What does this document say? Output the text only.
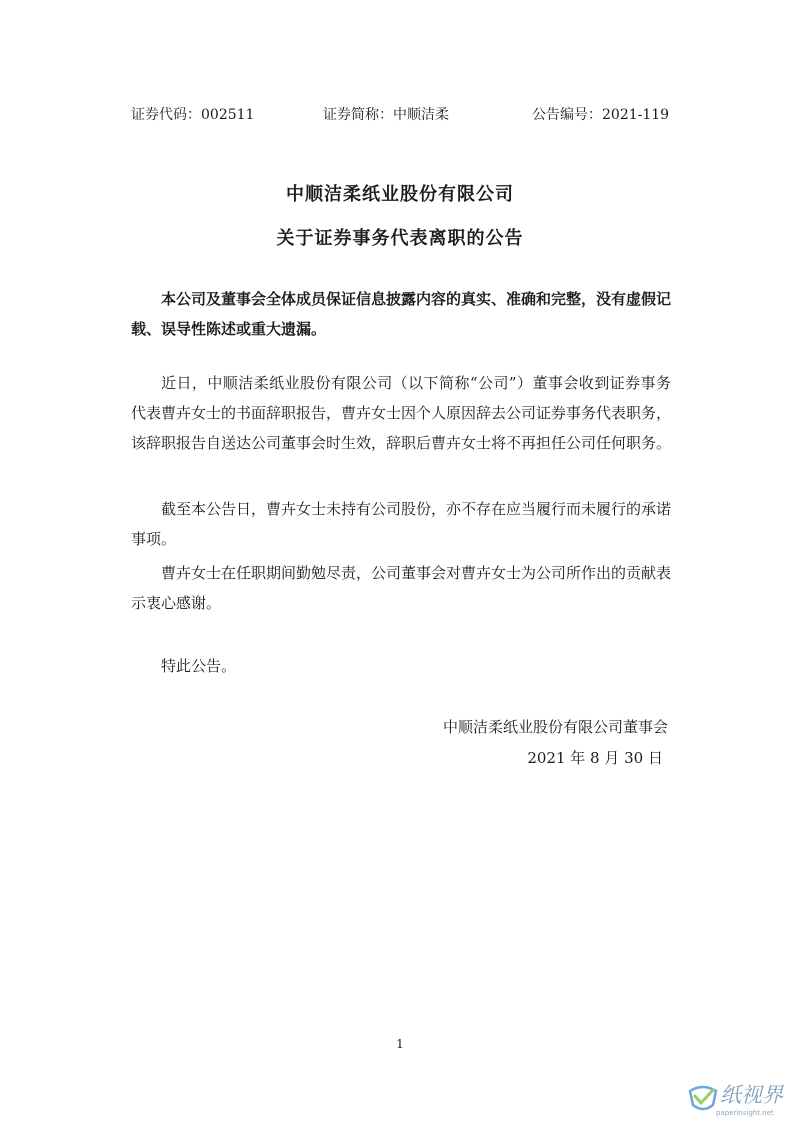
证券代码：002511	证券简称：中顺洁柔	公告编号：2021-119
中顺洁柔纸业股份有限公司
关于证券事务代表离职的公告

本公司及董事会全体成员保证信息披露内容的真实、准确和完整，没有虚假记载、误导性陈述或重大遗漏。

近日，中顺洁柔纸业股份有限公司（以下简称“公司”）董事会收到证券事务代表曹卉女士的书面辞职报告，曹卉女士因个人原因辞去公司证券事务代表职务，该辞职报告自送达公司董事会时生效，辞职后曹卉女士将不再担任公司任何职务。

截至本公告日，曹卉女士未持有公司股份，亦不存在应当履行而未履行的承诺事项。

曹卉女士在任职期间勤勉尽责，公司董事会对曹卉女士为公司所作出的贡献表示衷心感谢。

特此公告。

中顺洁柔纸业股份有限公司董事会
2021 年 8 月 30 日
1
纸视界
paperinsight.net
